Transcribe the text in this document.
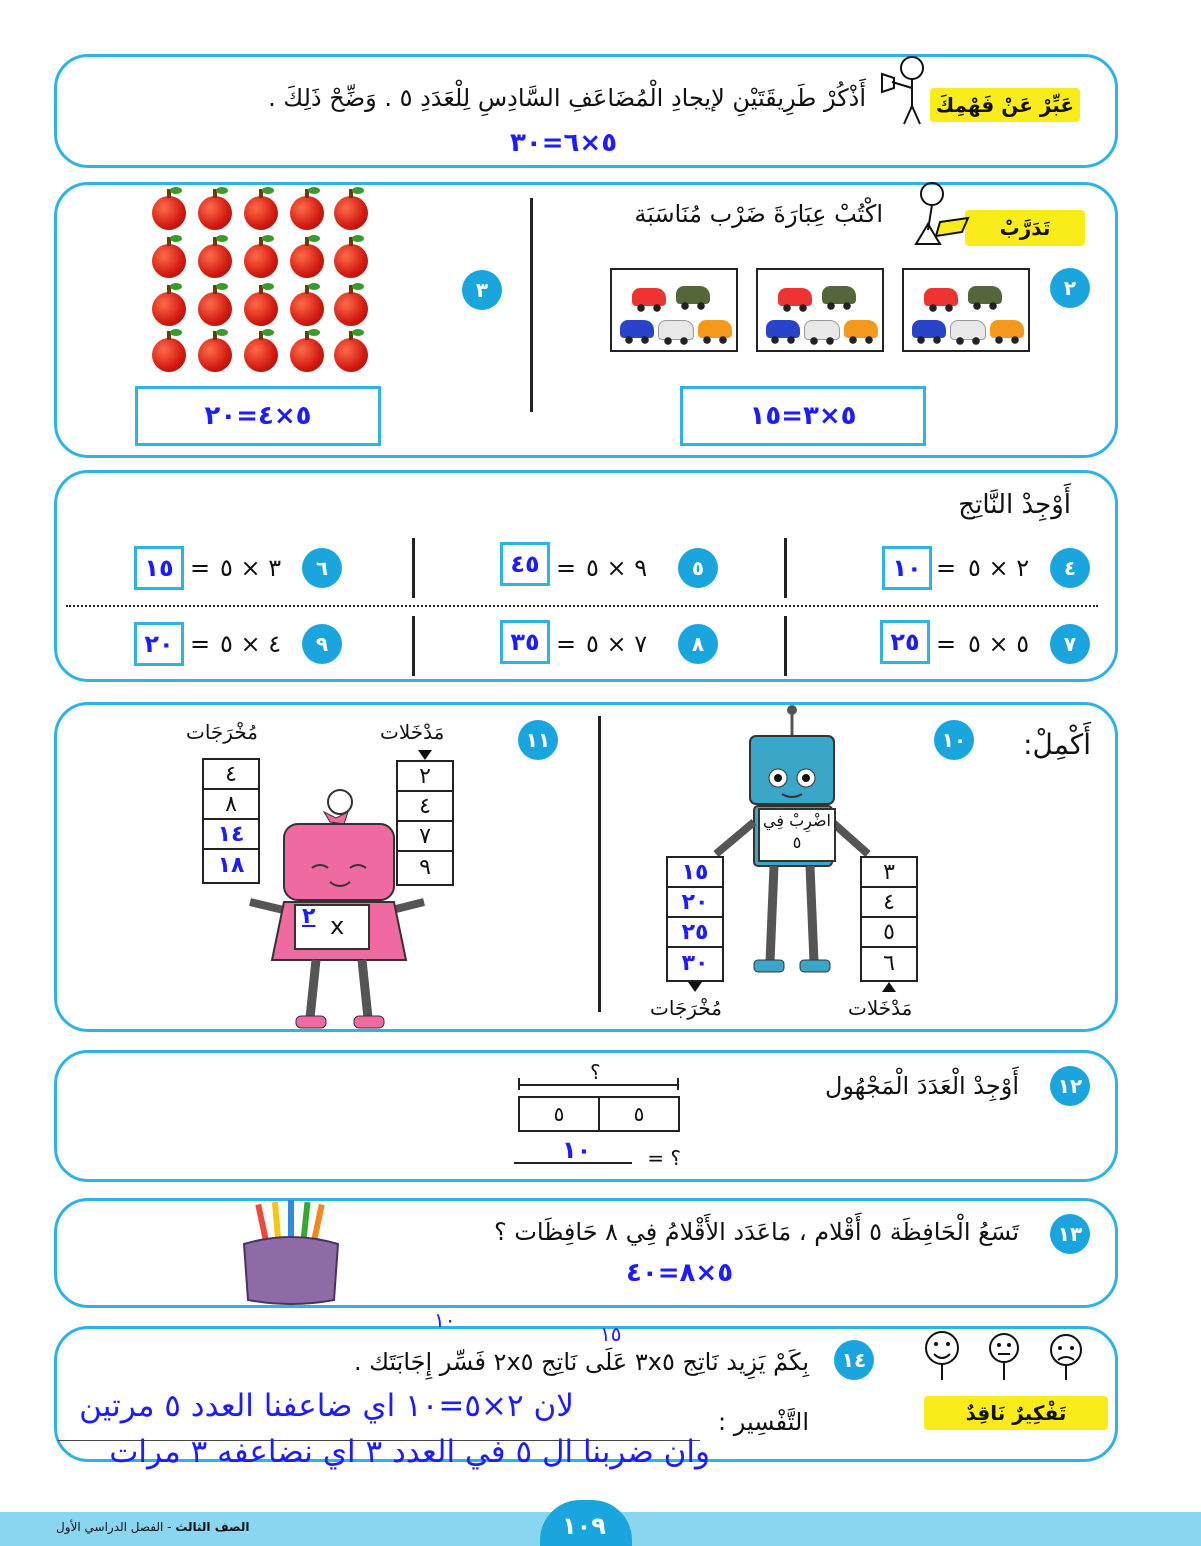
عَبِّرْ عَنْ فَهْمِكَ
أَذْكُرْ طَرِيقَتَيْنِ لإيجادِ الْمُضَاعَفِ السَّادِسِ لِلْعَدَدِ ٥ . وَضِّحْ ذَلِكَ .
٥×٦=٣٠
تَدَرَّبْ
اكْتُبْ عِبَارَةَ ضَرْب مُنَاسَبَة
٢
٣
٥×٣=١٥
٥×٤=٢٠
أَوْجِدْ النَّاتِج
٤
٢ × ٥
=
١٠
٥
٩ × ٥
=
٤٥
٦
٣ × ٥
=
١٥
٧
٥ × ٥
=
٢٥
٨
٧ × ٥
=
٣٥
٩
٤ × ٥
=
٢٠
أَكْمِلْ:
١٠
١١
اضْرِبْ فِي
٥
٣
٤
٥
٦
مَدْخَلات
١٥
٢٠
٢٥
٣٠
مُخْرَجَات
٢ x
٢
٤
٧
٩
مَدْخَلات
٤
٨
١٤
١٨
مُخْرَجَات
١٢
أَوْجِدْ الْعَدَدَ الْمَجْهُول
؟
٥	٥
؟ =
١٠
١٣
تَسَعُ الْحَافِظَة ٥ أَقْلام ، مَاعَدَد الأَقْلامُ فِي ٨ حَافِظَات ؟
٥×٨=٤٠
١٤
تَفْكِيرٌ نَاقِدٌ
بِكَمْ يَزِيد نَاتِج ٣x٥ عَلَى نَاتِج ٢x٥ فَسِّر إِجَابَتَك .
١٠
١٥
التَّفْسِير :
لان ٢×٥=١٠ اي ضاعفنا العدد ٥ مرتين
وان ضربنا ال ٥ في العدد ٣ اي نضاعفه ٣ مرات
١٠٩
الصف الثالث - الفصل الدراسي الأول
